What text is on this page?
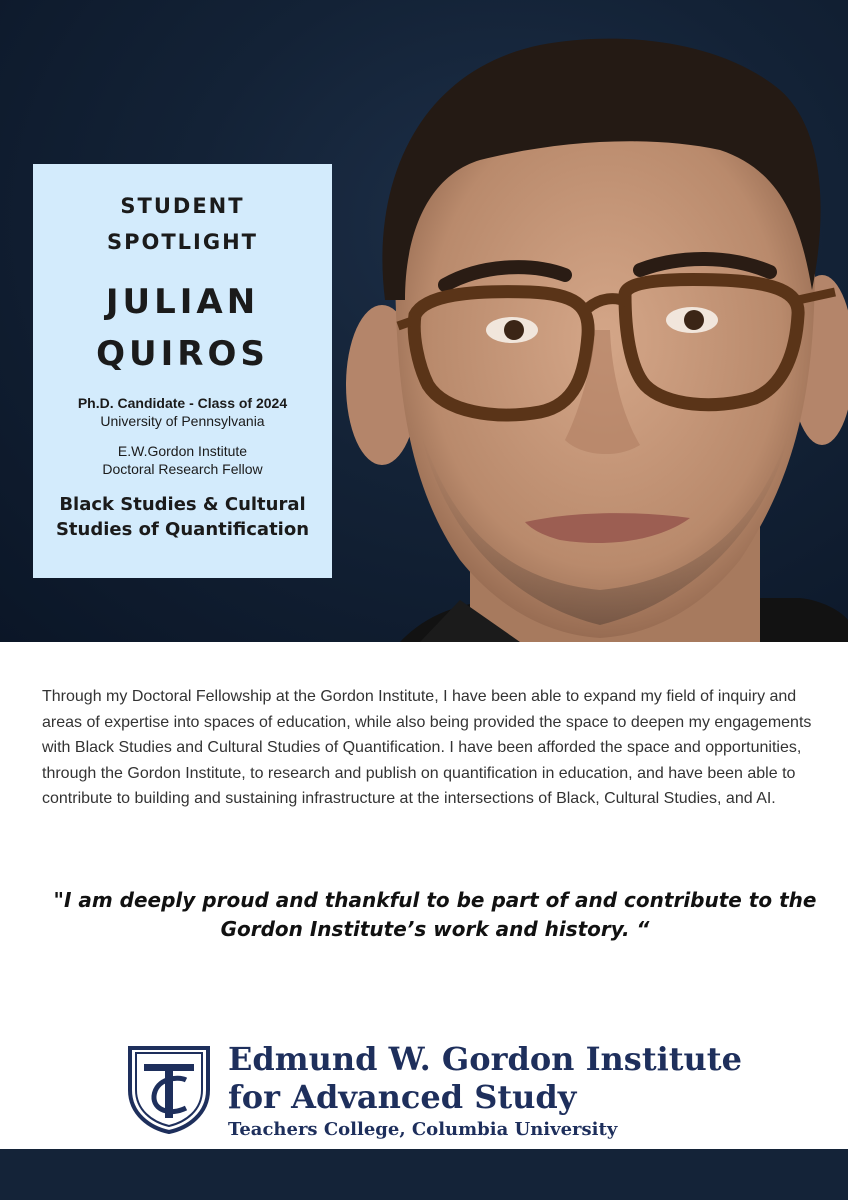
STUDENT
SPOTLIGHT
JULIAN
QUIROS
Ph.D. Candidate - Class of 2024
University of Pennsylvania
E.W.Gordon Institute
Doctoral Research Fellow
Black Studies & Cultural
Studies of Quantification

Through my Doctoral Fellowship at the Gordon Institute, I have been able to expand my field of inquiry and areas of expertise into spaces of education, while also being provided the space to deepen my engagements with Black Studies and Cultural Studies of Quantification. I have been afforded the space and opportunities, through the Gordon Institute, to research and publish on quantification in education, and have been able to contribute to building and sustaining infrastructure at the intersections of Black, Cultural Studies, and AI.

"I am deeply proud and thankful to be part of and contribute to the
Gordon Institute’s work and history. “
Edmund W. Gordon Institute
for Advanced Study
Teachers College, Columbia University
